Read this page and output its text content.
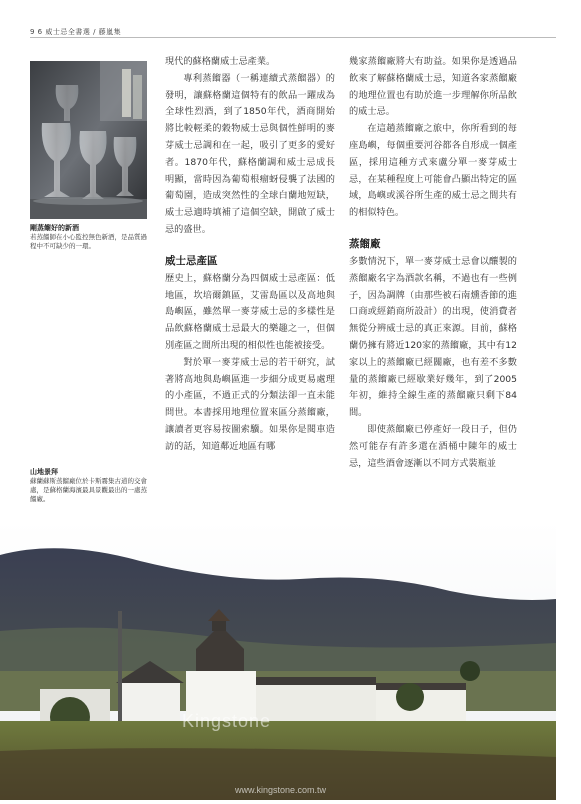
9 6 威士忌全書選 / 藤嵐集
剛蒸餾好的新酒
若蒸餾師在小心監控無色新酒，是品質過程中不可缺少的一環。
山地景拜
蘇蘭蘇斯蒸餾廠位於卡斯霧集古道的交會處，是蘇格蘭海濱最具景觀最出的一處蒸餾廠。

現代的蘇格蘭威士忌產業。

專利蒸餾器（一稱連續式蒸餾器）的發明，讓蘇格蘭這個特有的飲品一躍成為全球性烈酒，到了1850年代，酒商開始將比較輕柔的穀物威士忌與個性鮮明的麥芽威士忌調和在一起，吸引了更多的愛好者。1870年代，蘇格蘭調和威士忌成長明顯，當時因為葡萄根瘤蚜侵襲了法國的葡萄園，造成突然性的全球白蘭地短缺，威士忌適時填補了這個空缺，開啟了威士忌的盛世。

威士忌產區

歷史上，蘇格蘭分為四個威士忌產區：低地區，坎培爾鎮區，艾雷島區以及高地與島嶼區，雖然單一麥芽威士忌的多樣性是品飲蘇格蘭威士忌最大的樂趣之一，但個別產區之間所出現的相似性也能被接受。

對於單一麥芽威士忌的若干研究，試著將高地與島嶼區進一步細分成更易處理的小產區，不過正式的分類法卻一直未能問世。本書採用地理位置來區分蒸餾廠，讓讀者更容易按圖索驥。如果你是閱車造訪的話，知道鄰近地區有哪

幾家蒸餾廠將大有助益。如果你是透過品飲來了解蘇格蘭威士忌，知道各家蒸餾廠的地理位置也有助於進一步理解你所品飲的威士忌。

在這趟蒸餾廠之旅中，你所看到的每座島嶼，每個重要河谷都各自形成一個產區，採用這種方式來盧分單一麥芽威士忌，在某種程度上可能會凸顯出特定的區域，島嶼或溪谷所生產的威士忌之間共有的相似特色。

蒸餾廠

多數情況下，單一麥芽威士忌會以釀製的蒸餾廠名字為酒款名稱，不過也有一些例子，因為調牌（由那些被石南燻香節的進口商或經銷商所設計）的出現，使消費者無從分辨威士忌的真正來源。目前，蘇格蘭仍擁有將近120家的蒸餾廠，其中有12家以上的蒸餾廠已經關廠，也有差不多數量的蒸餾廠已經歇業好幾年，到了2005年初，維持全線生產的蒸餾廠只剩下84間。

即使蒸餾廠已停產好一段日子，但仍然可能存有許多還在酒桶中陳年的威士忌，這些酒會逐漸以不同方式裝瓶並

Kingstone
www.kingstone.com.tw
